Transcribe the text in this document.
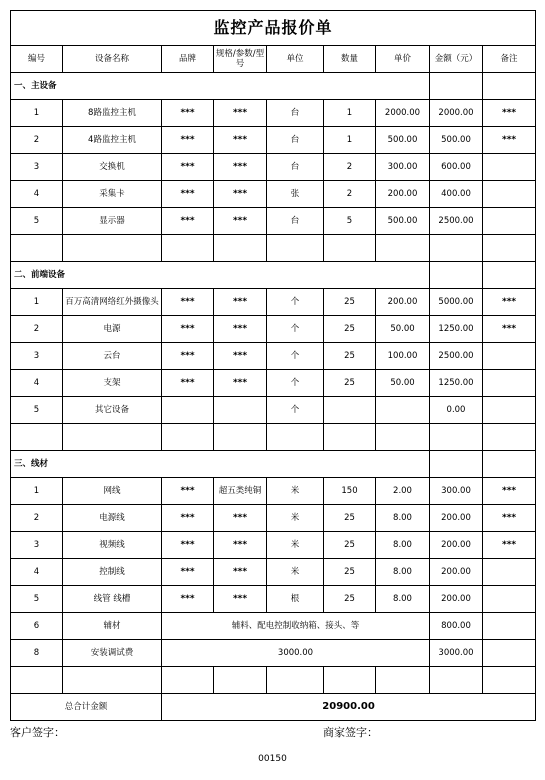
监控产品报价单								
编号	设备名称	品牌	规格/参数/型号	单位	数量	单价	金额（元）	备注
一、主设备								
1	8路监控主机	***	***	台	1	2000.00	2000.00	***
2	4路监控主机	***	***	台	1	500.00	500.00	***
3	交换机	***	***	台	2	300.00	600.00	
4	采集卡	***	***	张	2	200.00	400.00	
5	显示器	***	***	台	5	500.00	2500.00	

二、前端设备								
1	百万高清网络红外摄像头	***	***	个	25	200.00	5000.00	***
2	电源	***	***	个	25	50.00	1250.00	***
3	云台	***	***	个	25	100.00	2500.00	
4	支架	***	***	个	25	50.00	1250.00	
5	其它设备			个			0.00	

三、线材								
1	网线	***	超五类纯铜	米	150	2.00	300.00	***
2	电源线	***	***	米	25	8.00	200.00	***
3	视频线	***	***	米	25	8.00	200.00	***
4	控制线	***	***	米	25	8.00	200.00	
5	线管 线槽	***	***	根	25	8.00	200.00	
6	辅材	辅料、配电控制收纳箱、接头、等					800.00	
8	安装调试费	3000.00					3000.00	

总合计金额		20900.00						
客户签字：	商家签字：
00150
